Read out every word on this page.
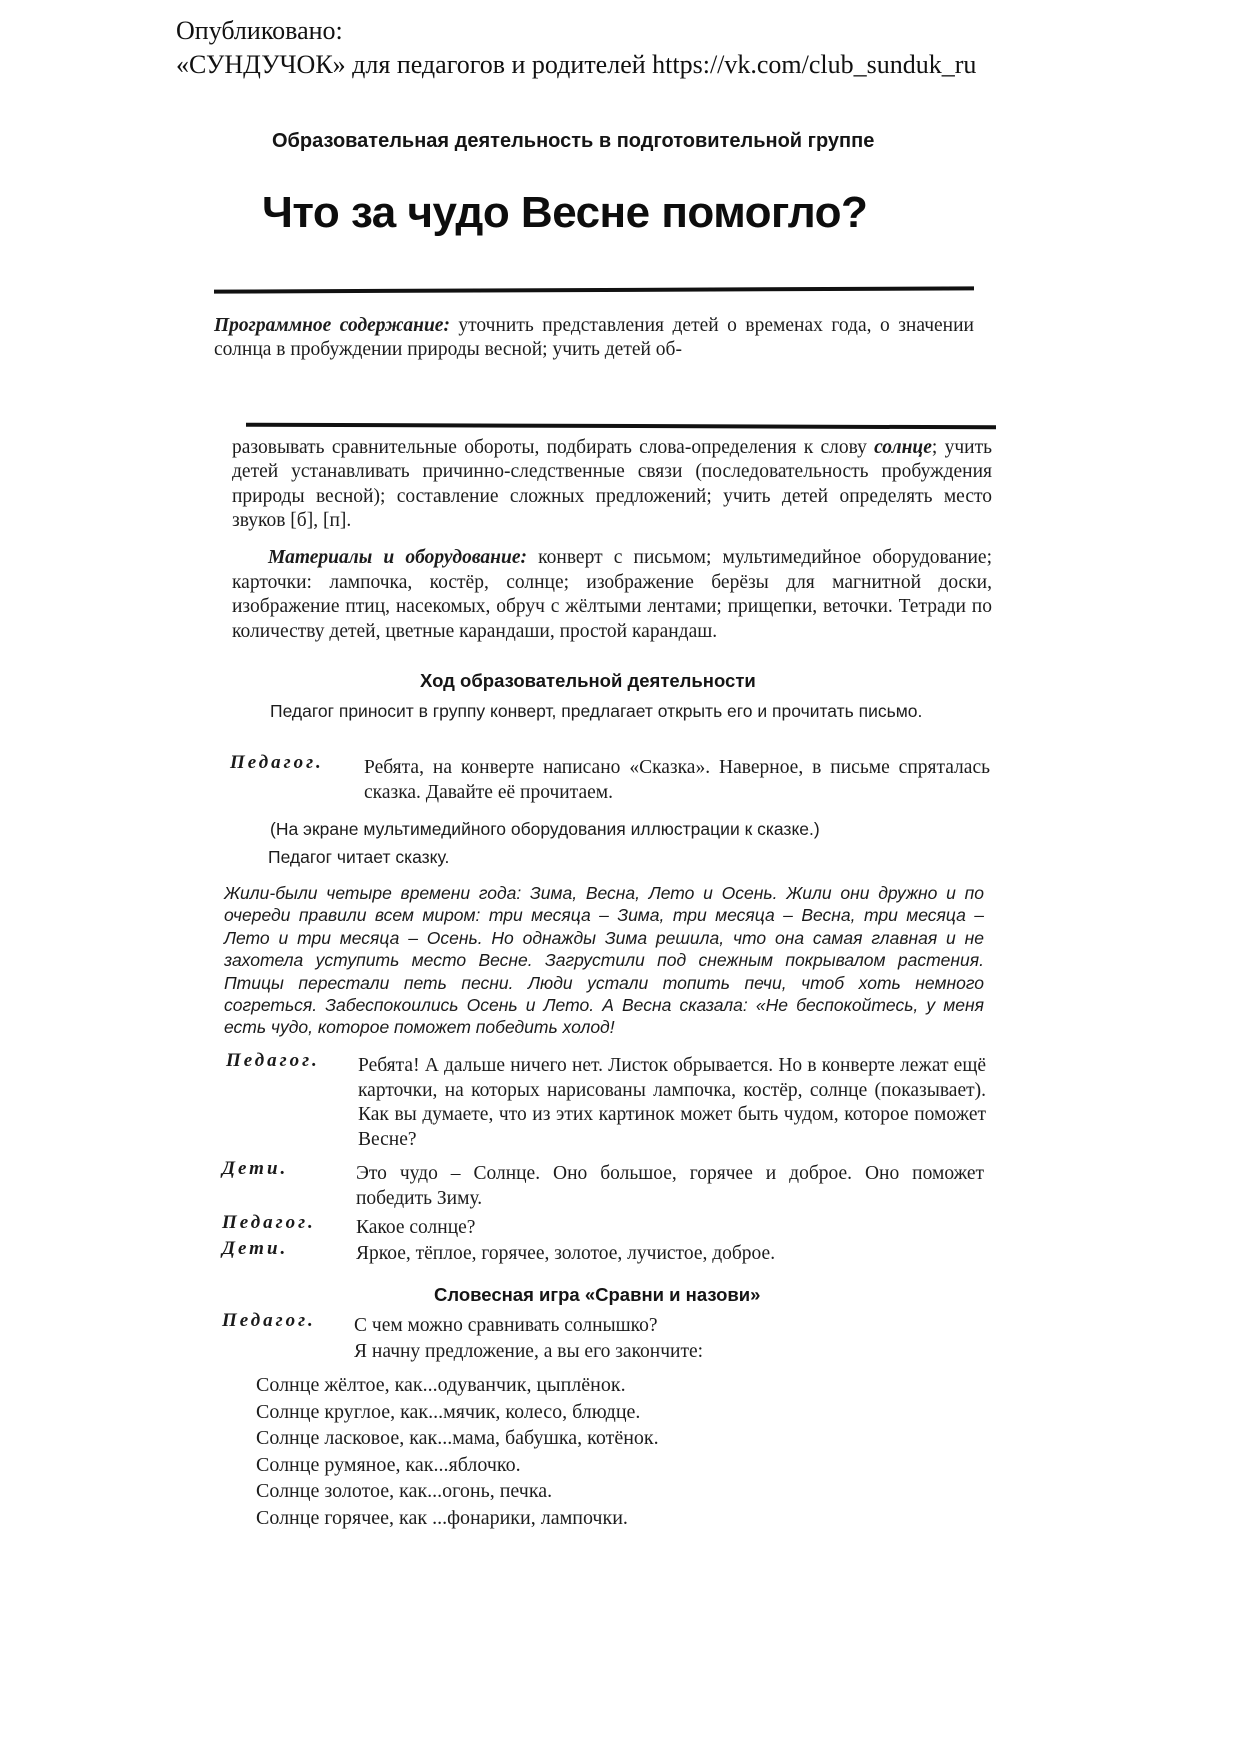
Опубликовано:
«СУНДУЧОК» для педагогов и родителей https://vk.com/club_sunduk_ru
Образовательная деятельность в подготовительной группе
Что за чудо Весне помогло?
Программное содержание: уточнить представления детей о временах года, о значении солнца в пробуждении природы весной; учить детей об-
разовывать сравнительные обороты, подбирать слова-определения к слову солнце; учить детей устанавливать причинно-следственные связи (последовательность пробуждения природы весной); составление сложных предложений; учить детей определять место звуков [б], [п].
Материалы и оборудование: конверт с письмом; мультимедийное оборудование; карточки: лампочка, костёр, солнце; изображение берёзы для магнитной доски, изображение птиц, насекомых, обруч с жёлтыми лентами; прищепки, веточки. Тетради по количеству детей, цветные карандаши, простой карандаш.
Ход образовательной деятельности
Педагог приносит в группу конверт, предлагает открыть его и прочитать письмо.
Педагог. Ребята, на конверте написано «Сказка». Наверное, в письме спряталась сказка. Давайте её прочитаем.
(На экране мультимедийного оборудования иллюстрации к сказке.)
Педагог читает сказку.
Жили-были четыре времени года: Зима, Весна, Лето и Осень. Жили они дружно и по очереди правили всем миром: три месяца – Зима, три месяца – Весна, три месяца – Лето и три месяца – Осень. Но однажды Зима решила, что она самая главная и не захотела уступить место Весне. Загрустили под снежным покрывалом растения. Птицы перестали петь песни. Люди устали топить печи, чтоб хоть немного согреться. Забеспокоились Осень и Лето. А Весна сказала: «Не беспокойтесь, у меня есть чудо, которое поможет победить холод!
Педагог. Ребята! А дальше ничего нет. Листок обрывается. Но в конверте лежат ещё карточки, на которых нарисованы лампочка, костёр, солнце (показывает). Как вы думаете, что из этих картинок может быть чудом, которое поможет Весне?
Дети.	Это чудо – Солнце. Оно большое, горячее и доброе. Оно поможет победить Зиму.
Педагог. Какое солнце?
Дети.	Яркое, тёплое, горячее, золотое, лучистое, доброе.
Словесная игра «Сравни и назови»
Педагог. С чем можно сравнивать солнышко?
Я начну предложение, а вы его закончите:
Солнце жёлтое, как...одуванчик, цыплёнок.
Солнце круглое, как...мячик, колесо, блюдце.
Солнце ласковое, как...мама, бабушка, котёнок.
Солнце румяное, как...яблочко.
Солнце золотое, как...огонь, печка.
Солнце горячее, как ...фонарики, лампочки.
